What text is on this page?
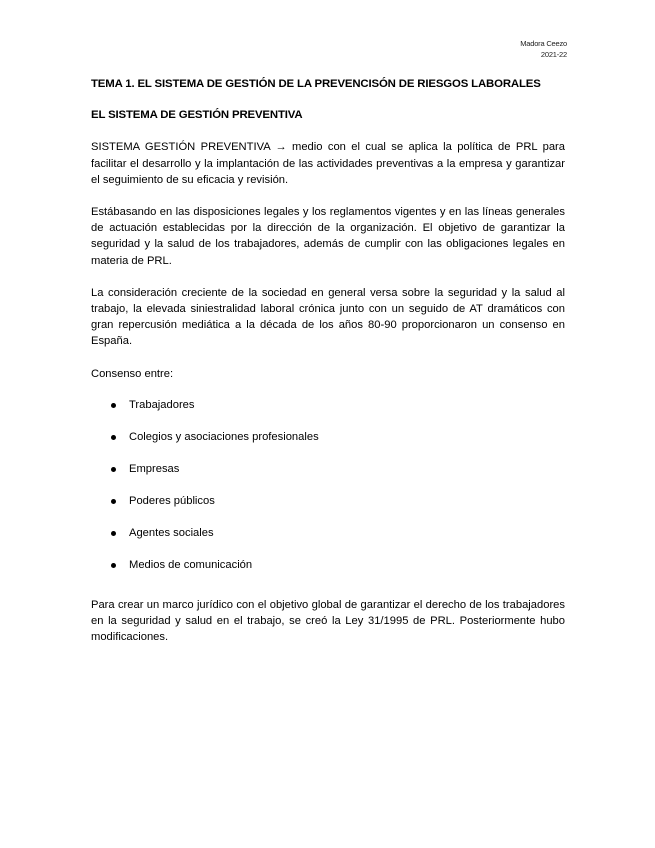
Madora Ceezo
2021-22
TEMA 1. EL SISTEMA DE GESTIÓN DE LA PREVENCISÓN DE RIESGOS LABORALES
EL SISTEMA DE GESTIÓN PREVENTIVA

SISTEMA GESTIÓN PREVENTIVA → medio con el cual se aplica la política de PRL para facilitar el desarrollo y la implantación de las actividades preventivas a la empresa y garantizar el seguimiento de su eficacia y revisión.

Estábasando en las disposiciones legales y los reglamentos vigentes y en las líneas generales de actuación establecidas por la dirección de la organización. El objetivo de garantizar la seguridad y la salud de los trabajadores, además de cumplir con las obligaciones legales en materia de PRL.

La consideración creciente de la sociedad en general versa sobre la seguridad y la salud al trabajo, la elevada siniestralidad laboral crónica junto con un seguido de AT dramáticos con gran repercusión mediática a la década de los años 80-90 proporcionaron un consenso en España.

Consenso entre:

Trabajadores
Colegios y asociaciones profesionales
Empresas
Poderes públicos
Agentes sociales
Medios de comunicación

Para crear un marco jurídico con el objetivo global de garantizar el derecho de los trabajadores en la seguridad y salud en el trabajo, se creó la Ley 31/1995 de PRL. Posteriormente hubo modificaciones.
